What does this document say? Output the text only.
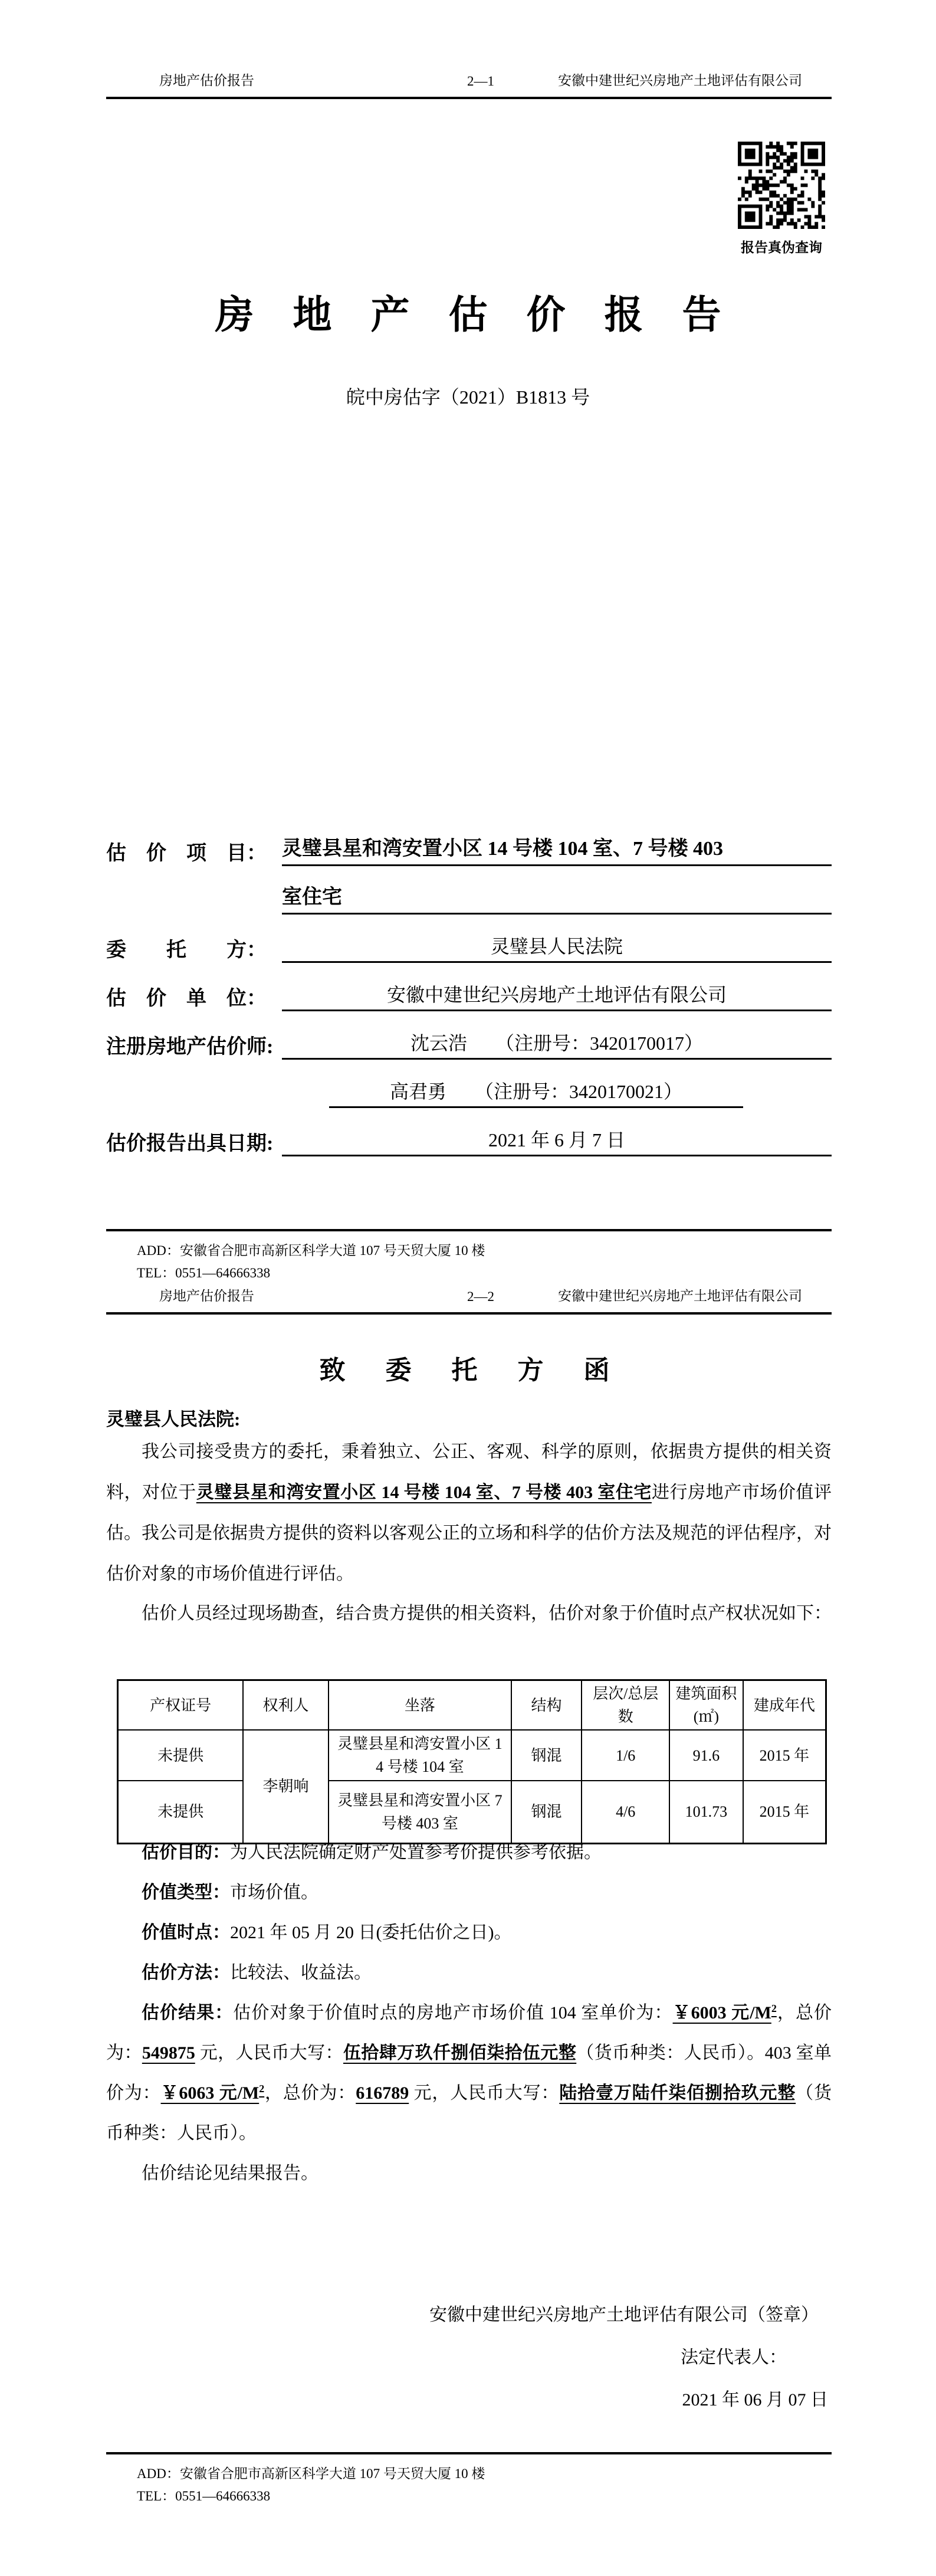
房地产估价报告	2—1	安徽中建世纪兴房地产土地评估有限公司
报告真伪查询
房　地　产　估　价　报　告
皖中房估字（2021）B1813 号
估　价　项　目： 灵璧县星和湾安置小区 14 号楼 104 室、7 号楼 403
室住宅
委　　托　　方：	灵璧县人民法院
估　价　单　位：	安徽中建世纪兴房地产土地评估有限公司
注册房地产估价师:	沈云浩　　（注册号：3420170017）
高君勇　　（注册号：3420170021）
估价报告出具日期:	2021 年 6 月 7 日
ADD：安徽省合肥市高新区科学大道 107 号天贸大厦 10 楼
TEL：0551—64666338
房地产估价报告	2—2	安徽中建世纪兴房地产土地评估有限公司
致　委　托　方　函
灵璧县人民法院:
我公司接受贵方的委托，秉着独立、公正、客观、科学的原则，依据贵方提供的相关资料，对位于灵璧县星和湾安置小区 14 号楼 104 室、7 号楼 403 室住宅进行房地产市场价值评估。我公司是依据贵方提供的资料以客观公正的立场和科学的估价方法及规范的评估程序，对估价对象的市场价值进行评估。
估价人员经过现场勘查，结合贵方提供的相关资料，估价对象于价值时点产权状况如下：
产权证号	权利人	坐落	结构	层次/总层数	建筑面积(㎡)	建成年代
未提供	李朝响	灵璧县星和湾安置小区 14 号楼 104 室	钢混	1/6	91.6	2015 年
未提供		灵璧县星和湾安置小区 7 号楼 403 室	钢混	4/6	101.73	2015 年
估价目的：为人民法院确定财产处置参考价提供参考依据。
价值类型：市场价值。
价值时点：2021 年 05 月 20 日(委托估价之日)。
估价方法：比较法、收益法。
估价结果：估价对象于价值时点的房地产市场价值 104 室单价为：￥6003 元$/M^2$，总价为：549875 元，人民币大写：伍拾肆万玖仟捌佰柒拾伍元整（货币种类：人民币）。403 室单价为：￥6063 元$/M^2$，总价为：616789 元，人民币大写：陆拾壹万陆仟柒佰捌拾玖元整（货币种类：人民币）。
估价结论见结果报告。
安徽中建世纪兴房地产土地评估有限公司（签章）
法定代表人：
2021 年 06 月 07 日
ADD：安徽省合肥市高新区科学大道 107 号天贸大厦 10 楼
TEL：0551—64666338
